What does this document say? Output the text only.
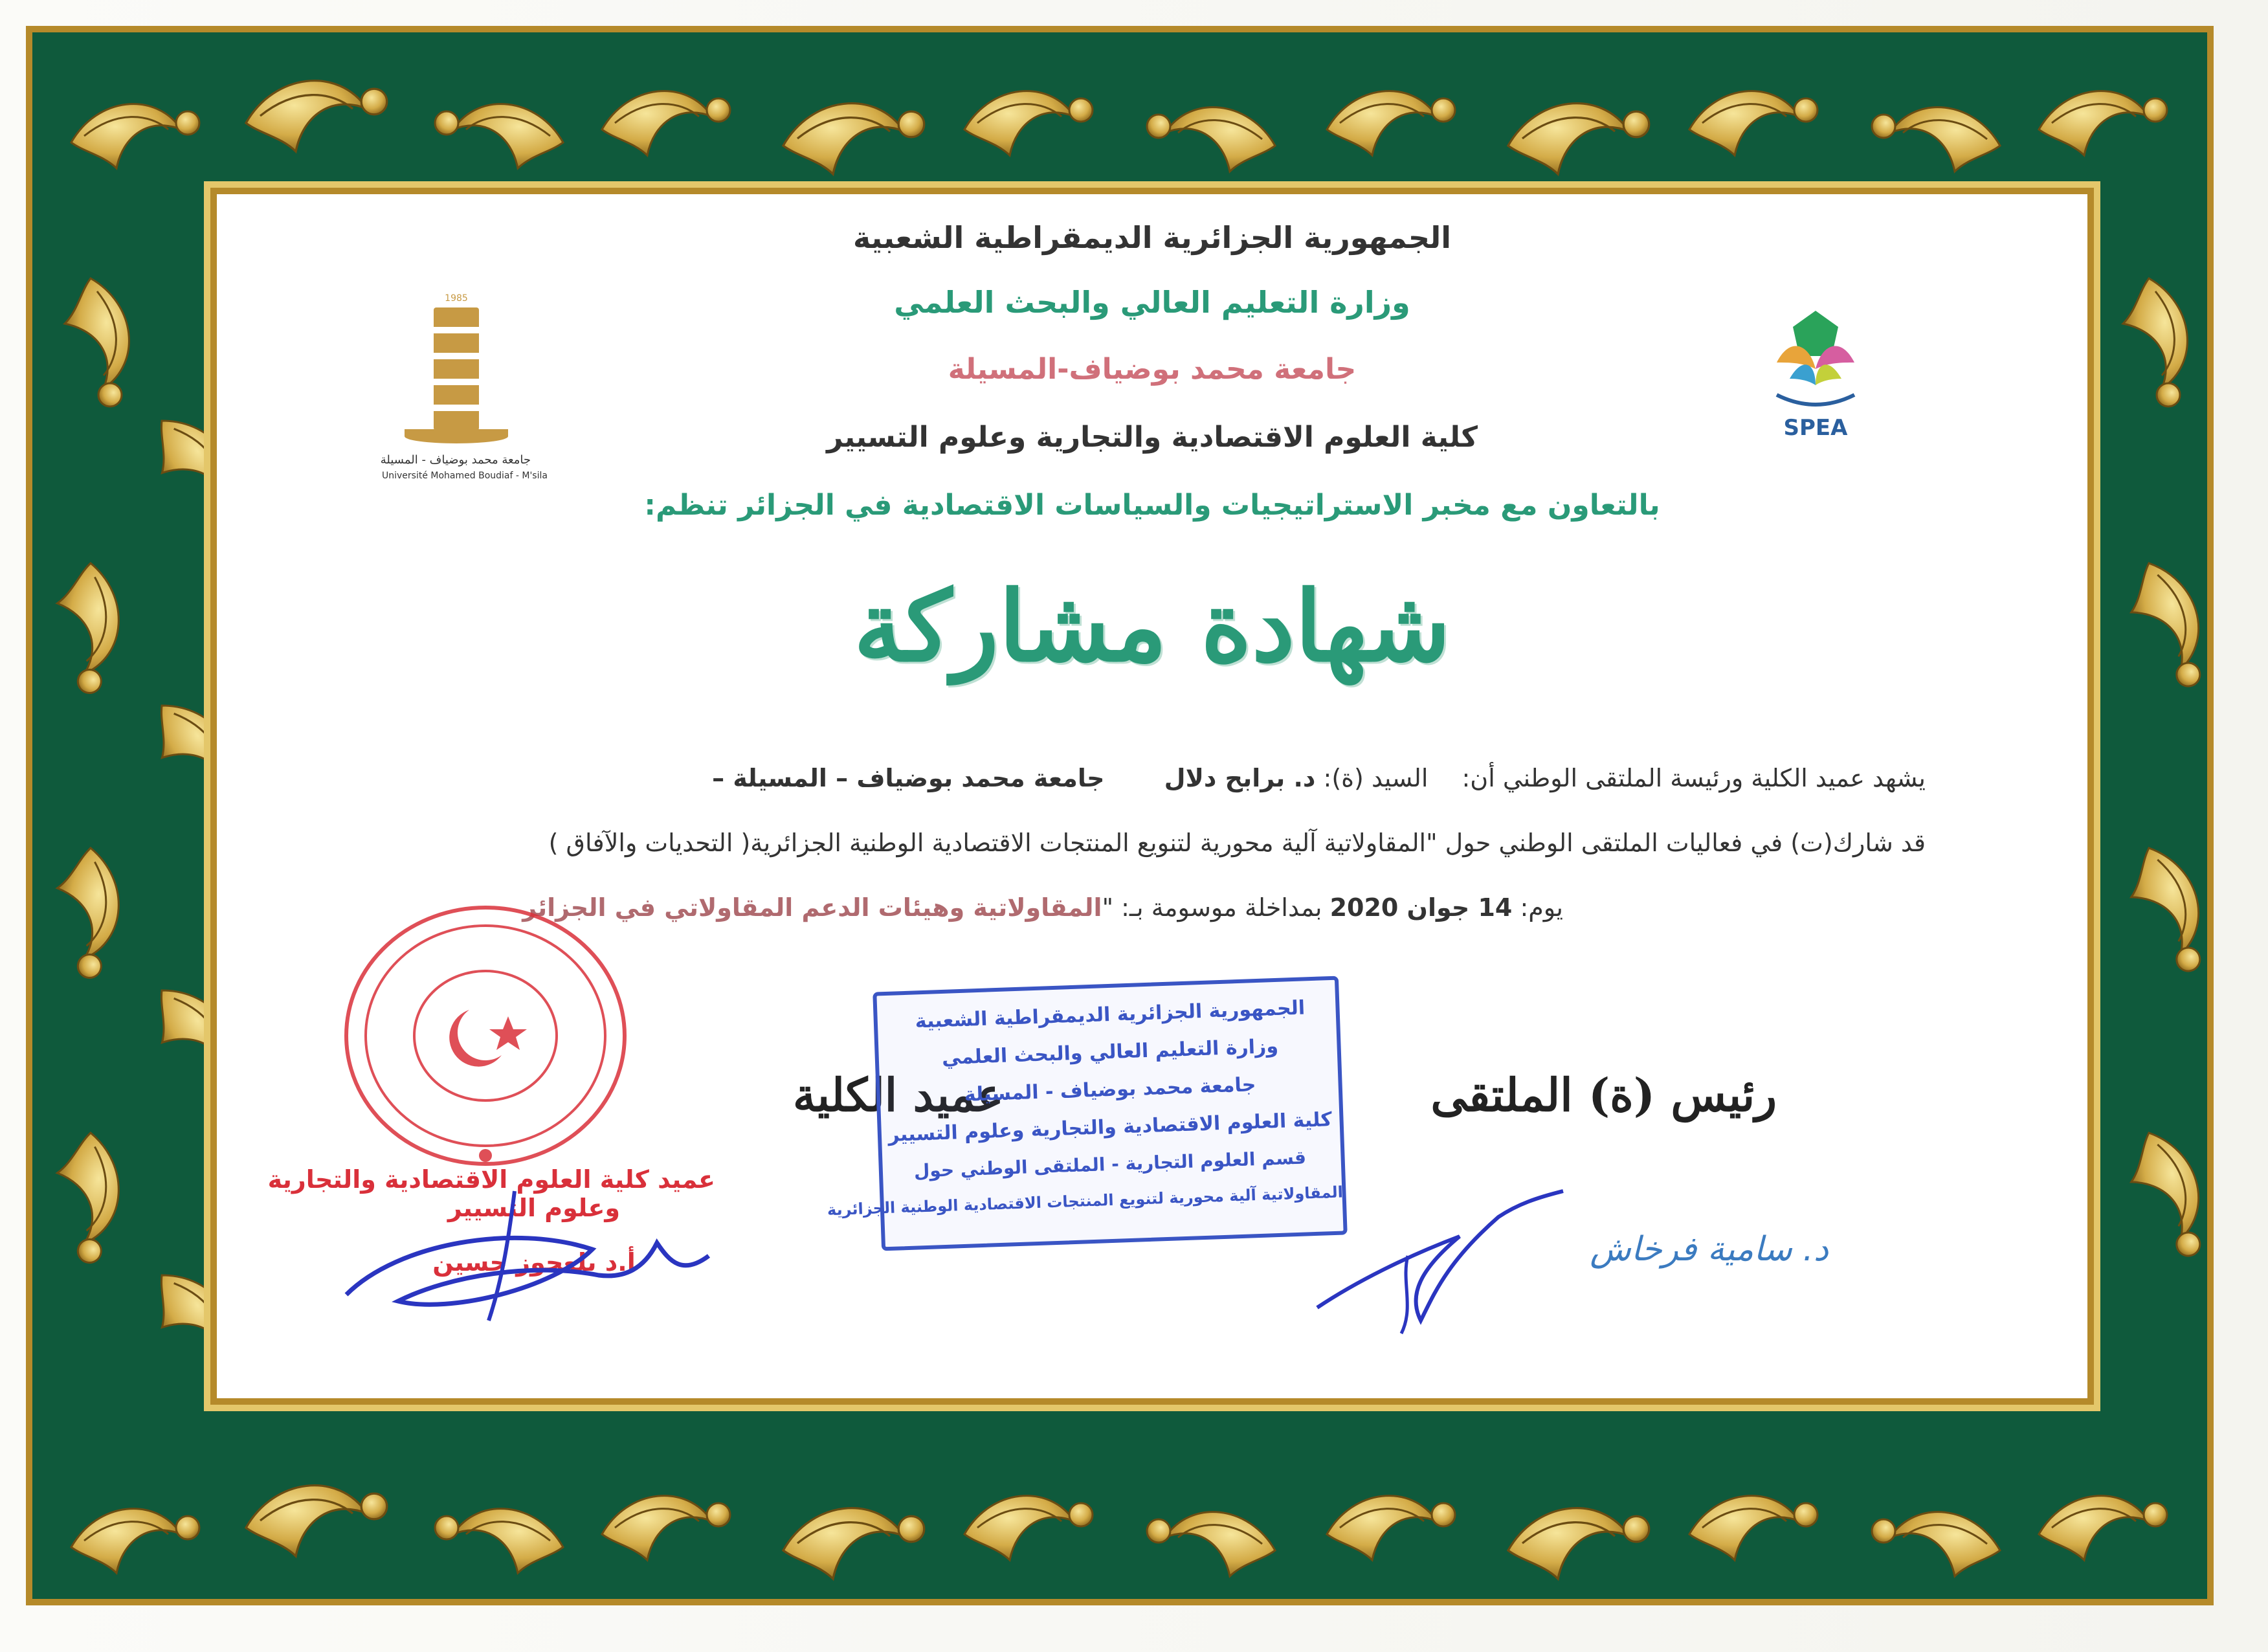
الجمهورية الجزائرية الديمقراطية الشعبية
وزارة التعليم العالي والبحث العلمي
جامعة محمد بوضياف-المسيلة
كلية العلوم الاقتصادية والتجارية وعلوم التسيير
بالتعاون مع مخبر الاستراتيجيات والسياسات الاقتصادية في الجزائر تنظم:
شهادة مشاركة
يشهد عميد الكلية ورئيسة الملتقى الوطني أن: السيد (ة): د. برابح دلال جامعة محمد بوضياف – المسيلة –
قد شارك(ت) في فعاليات الملتقى الوطني حول "المقاولاتية آلية محورية لتنويع المنتجات الاقتصادية الوطنية الجزائرية( التحديات والآفاق )
يوم: 14 جوان 2020 بمداخلة موسومة بـ: "المقاولاتية وهيئات الدعم المقاولاتي في الجزائر
رئيس (ة) الملتقى
عميد الكلية
د. سامية فرخاش
1985
جامعة محمد بوضياف - المسيلة
Université Mohamed Boudiaf - M'sila
SPEA
الجمهورية الجزائرية الديمقراطية الشعبية
وزارة التعليم العالي والبحث العلمي
جامعة محمد بوضياف - المسيلة
كلية العلوم الاقتصادية والتجارية وعلوم التسيير
قسم العلوم التجارية - الملتقى الوطني حول
المقاولاتية آلية محورية لتنويع المنتجات الاقتصادية الوطنية الجزائرية
عميد كلية العلوم الاقتصادية والتجارية
وعلوم التسيير
أ.د بلعجوز حسين
